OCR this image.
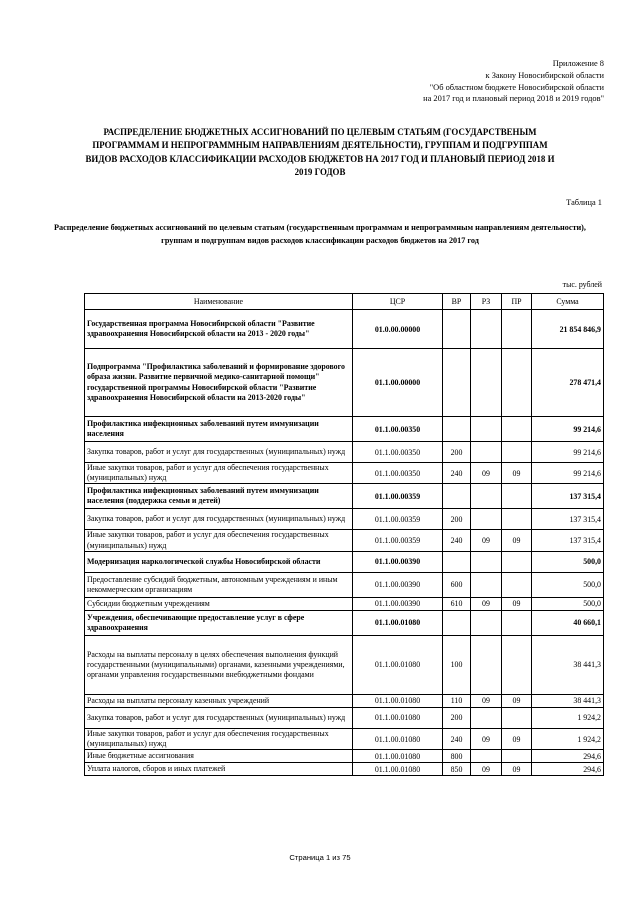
Приложение 8
к Закону Новосибирской области
"Об областном бюджете Новосибирской области
на 2017 год и плановый период 2018 и 2019 годов"
РАСПРЕДЕЛЕНИЕ БЮДЖЕТНЫХ АССИГНОВАНИЙ ПО ЦЕЛЕВЫМ СТАТЬЯМ (ГОСУДАРСТВЕНЫМ ПРОГРАММАМ И НЕПРОГРАММНЫМ НАПРАВЛЕНИЯМ ДЕЯТЕЛЬНОСТИ), ГРУППАМ И ПОДГРУППАМ ВИДОВ РАСХОДОВ КЛАССИФИКАЦИИ РАСХОДОВ БЮДЖЕТОВ НА 2017 ГОД И ПЛАНОВЫЙ ПЕРИОД 2018 И 2019 ГОДОВ
Таблица 1
Распределение бюджетных ассигнований по целевым статьям (государственным программам и непрограммным направлениям деятельности), группам и подгруппам видов расходов классификации расходов бюджетов на 2017 год
тыс. рублей
Наименование	ЦСР	ВР	РЗ	ПР	Сумма
Государственная программа Новосибирской области "Развитие здравоохранения Новосибирской области на 2013 - 2020 годы"	01.0.00.00000				21 854 846,9
Подпрограмма "Профилактика заболеваний и формирование здорового образа жизни. Развитие первичной медико-санитарной помощи" государственной программы Новосибирской области "Развитие здравоохранения Новосибирской области на 2013-2020 годы"	01.1.00.00000				278 471,4
Профилактика инфекционных заболеваний путем иммунизации населения	01.1.00.00350				99 214,6
Закупка товаров, работ и услуг для государственных (муниципальных) нужд	01.1.00.00350	200			99 214,6
Иные закупки товаров, работ и услуг для обеспечения государственных (муниципальных) нужд	01.1.00.00350	240	09	09	99 214,6
Профилактика инфекционных заболеваний путем иммунизации населения (поддержка семьи и детей)	01.1.00.00359				137 315,4
Закупка товаров, работ и услуг для государственных (муниципальных) нужд	01.1.00.00359	200			137 315,4
Иные закупки товаров, работ и услуг для обеспечения государственных (муниципальных) нужд	01.1.00.00359	240	09	09	137 315,4
Модернизация наркологической службы Новосибирской области	01.1.00.00390				500,0
Предоставление субсидий бюджетным, автономным учреждениям и иным некоммерческим организациям	01.1.00.00390	600			500,0
Субсидии бюджетным учреждениям	01.1.00.00390	610	09	09	500,0
Учреждения, обеспечивающие предоставление услуг в сфере здравоохранения	01.1.00.01080				40 660,1
Расходы на выплаты персоналу в целях обеспечения выполнения функций государственными (муниципальными) органами, казенными учреждениями, органами управления государственными внебюджетными фондами	01.1.00.01080	100			38 441,3
Расходы на выплаты персоналу казенных учреждений	01.1.00.01080	110	09	09	38 441,3
Закупка товаров, работ и услуг для государственных (муниципальных) нужд	01.1.00.01080	200			1 924,2
Иные закупки товаров, работ и услуг для обеспечения государственных (муниципальных) нужд	01.1.00.01080	240	09	09	1 924,2
Иные бюджетные ассигнования	01.1.00.01080	800			294,6
Уплата налогов, сборов и иных платежей	01.1.00.01080	850	09	09	294,6
Страница 1 из 75
